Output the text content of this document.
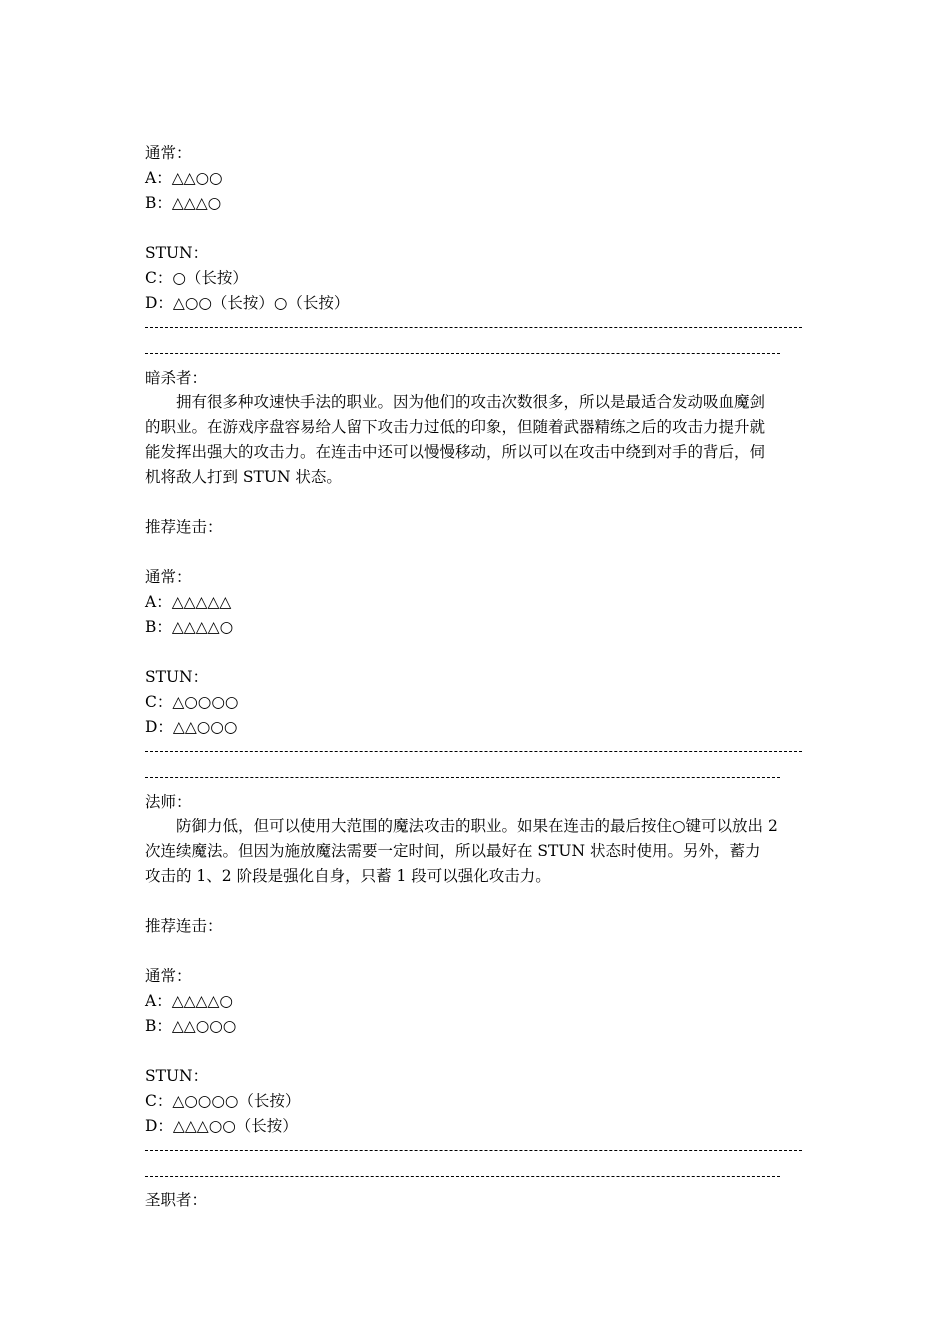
通常：
A：△△○○
B：△△△○
STUN：
C：○（长按）
D：△○○（长按）○（长按）
暗杀者：
　　拥有很多种攻速快手法的职业。因为他们的攻击次数很多，所以是最适合发动吸血魔剑
的职业。在游戏序盘容易给人留下攻击力过低的印象，但随着武器精练之后的攻击力提升就
能发挥出强大的攻击力。在连击中还可以慢慢移动，所以可以在攻击中绕到对手的背后，伺
机将敌人打到 STUN 状态。
推荐连击：
通常：
A：△△△△△
B：△△△△○
STUN：
C：△○○○○
D：△△○○○
法师：
　　防御力低，但可以使用大范围的魔法攻击的职业。如果在连击的最后按住○键可以放出 2
次连续魔法。但因为施放魔法需要一定时间，所以最好在 STUN 状态时使用。另外，蓄力
攻击的 1、2 阶段是强化自身，只蓄 1 段可以强化攻击力。
推荐连击：
通常：
A：△△△△○
B：△△○○○
STUN：
C：△○○○○（长按）
D：△△△○○（长按）
圣职者：
